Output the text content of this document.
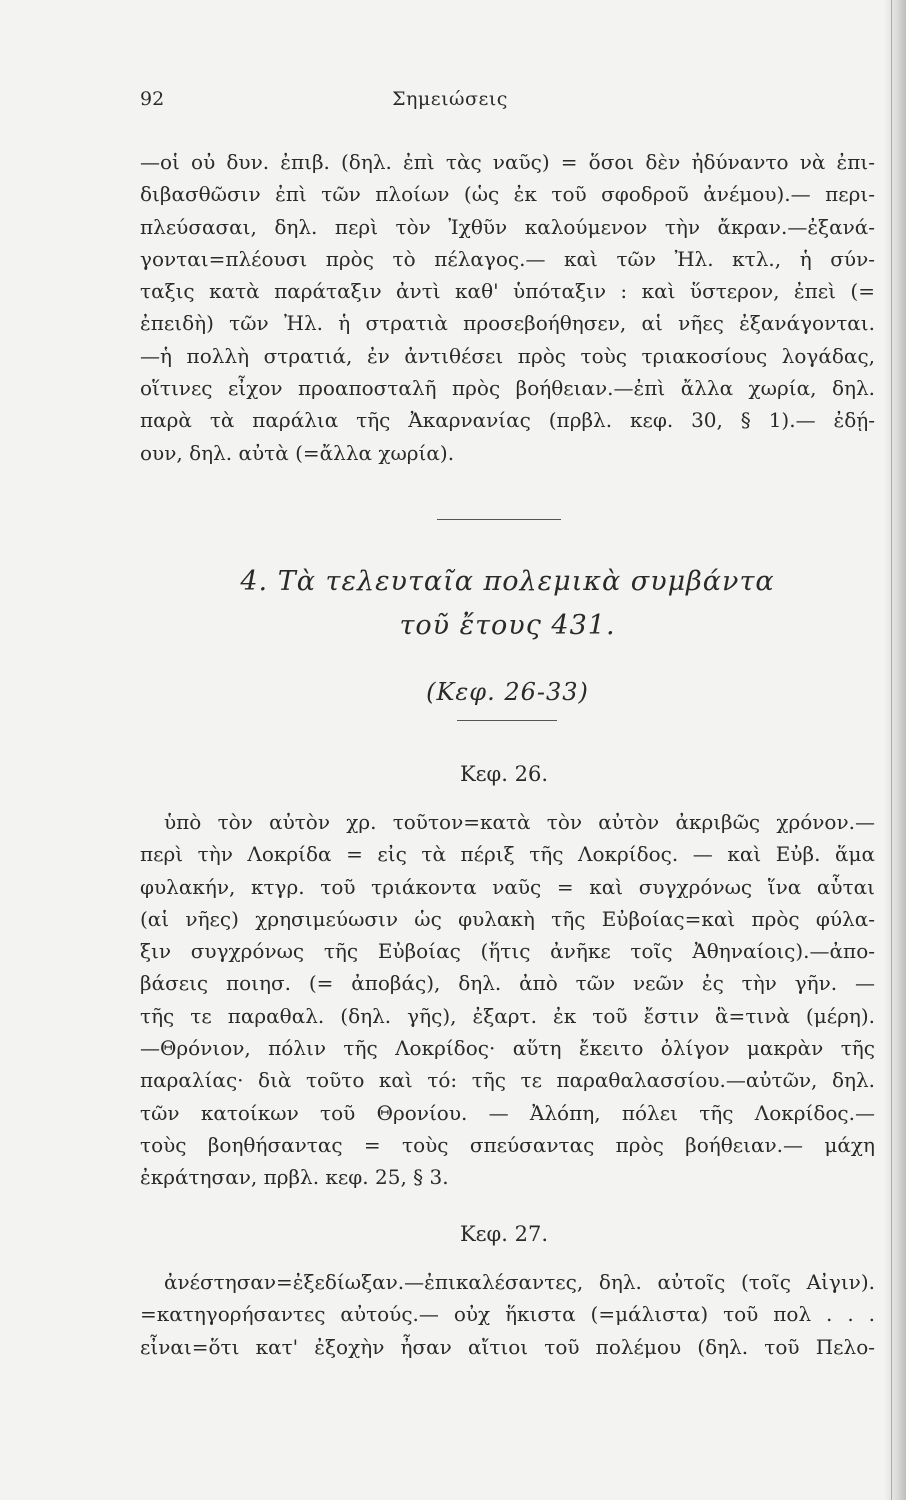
92	Σημειώσεις
—οἱ οὐ δυν. ἐπιβ. (δηλ. ἐπὶ τὰς ναῦς) = ὅσοι δὲν ἠδύναντο νὰ ἐπι-
διβασθῶσιν ἐπὶ τῶν πλοίων (ὡς ἐκ τοῦ σφοδροῦ ἀνέμου).— περι-
πλεύσασαι, δηλ. περὶ τὸν Ἰχθῦν καλούμενον τὴν ἄκραν.—ἐξανά-
γονται=πλέουσι πρὸς τὸ πέλαγος.— καὶ τῶν Ἠλ. κτλ., ἡ σύν-
ταξις κατὰ παράταξιν ἀντὶ καθ' ὑπόταξιν : καὶ ὕστερον, ἐπεὶ (=
ἐπειδὴ) τῶν Ἠλ. ἡ στρατιὰ προσεβοήθησεν, αἱ νῆες ἐξανάγονται.
—ἡ πολλὴ στρατιά, ἐν ἀντιθέσει πρὸς τοὺς τριακοσίους λογάδας,
οἵτινες εἶχον προαποσταλῆ πρὸς βοήθειαν.—ἐπὶ ἄλλα χωρία, δηλ.
παρὰ τὰ παράλια τῆς Ἀκαρνανίας (πρβλ. κεφ. 30, § 1).— ἐδῄ-
ουν, δηλ. αὐτὰ (=ἄλλα χωρία).
4. Τὰ τελευταῖα πολεμικὰ συμβάντα
τοῦ ἔτους 431.
(Κεφ. 26-33)
Κεφ. 26.
ὑπὸ τὸν αὐτὸν χρ. τοῦτον=κατὰ τὸν αὐτὸν ἀκριβῶς χρόνον.—
περὶ τὴν Λοκρίδα = εἰς τὰ πέριξ τῆς Λοκρίδος. — καὶ Εὐβ. ἅμα
φυλακήν, κτγρ. τοῦ τριάκοντα ναῦς = καὶ συγχρόνως ἵνα αὗται
(αἱ νῆες) χρησιμεύωσιν ὡς φυλακὴ τῆς Εὐβοίας=καὶ πρὸς φύλα-
ξιν συγχρόνως τῆς Εὐβοίας (ἥτις ἀνῆκε τοῖς Ἀθηναίοις).—ἀπο-
βάσεις ποιησ. (= ἀποβάς), δηλ. ἀπὸ τῶν νεῶν ἐς τὴν γῆν. —
τῆς τε παραθαλ. (δηλ. γῆς), ἐξαρτ. ἐκ τοῦ ἔστιν ἃ=τινὰ (μέρη).
—Θρόνιον, πόλιν τῆς Λοκρίδος· αὕτη ἔκειτο ὀλίγον μακρὰν τῆς
παραλίας· διὰ τοῦτο καὶ τό: τῆς τε παραθαλασσίου.—αὐτῶν, δηλ.
τῶν κατοίκων τοῦ Θρονίου. — Ἀλόπη, πόλει τῆς Λοκρίδος.—
τοὺς βοηθήσαντας = τοὺς σπεύσαντας πρὸς βοήθειαν.— μάχη
ἐκράτησαν, πρβλ. κεφ. 25, § 3.
Κεφ. 27.
ἀνέστησαν=ἐξεδίωξαν.—ἐπικαλέσαντες, δηλ. αὐτοῖς (τοῖς Αἰγιν).
=κατηγορήσαντες αὐτούς.— οὐχ ἥκιστα (=μάλιστα) τοῦ πολ . . .
εἶναι=ὅτι κατ' ἐξοχὴν ἦσαν αἴτιοι τοῦ πολέμου (δηλ. τοῦ Πελο-
